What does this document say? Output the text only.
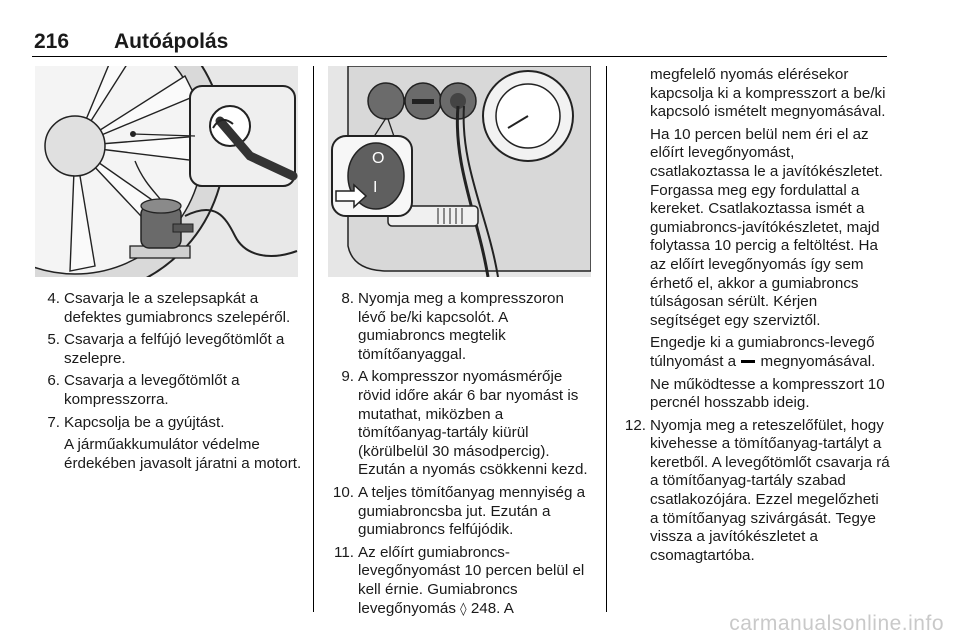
216 Autóápolás
O
I
4. Csavarja le a szelepsapkát a defektes gumiabroncs szelepéről.
5. Csavarja a felfújó levegőtömlőt a szelepre.
6. Csavarja a levegőtömlőt a kompresszorra.
7. Kapcsolja be a gyújtást.

A járműakkumulátor védelme érdekében javasolt járatni a motort.

8. Nyomja meg a kompresszoron lévő be/ki kapcsolót. A gumiabroncs megtelik tömítőanyaggal.
9. A kompresszor nyomásmérője rövid időre akár 6 bar nyomást is mutathat, miközben a tömítőanyag-tartály kiürül (körülbelül 30 másodpercig). Ezután a nyomás csökkenni kezd.
10. A teljes tömítőanyag mennyiség a gumiabroncsba jut. Ezután a gumiabroncs felfújódik.
11. Az előírt gumiabroncs-levegőnyomást 10 percen belül el kell érnie. Gumiabroncs levegőnyomás ◊ 248. A

megfelelő nyomás elérésekor kapcsolja ki a kompresszort a be/ki kapcsoló ismételt megnyomásával.

Ha 10 percen belül nem éri el az előírt levegőnyomást, csatlakoztassa le a javítókészletet. Forgassa meg egy fordulattal a kereket. Csatlakoztassa ismét a gumiabroncs-javítókészletet, majd folytassa 10 percig a feltöltést. Ha az előírt levegőnyomás így sem érhető el, akkor a gumiabroncs túlságosan sérült. Kérjen segítséget egy szerviztől.

Engedje ki a gumiabroncs-levegő túlnyomást a  megnyomásával.

Ne működtesse a kompresszort 10 percnél hosszabb ideig.

12. Nyomja meg a reteszelőfület, hogy kivehesse a tömítőanyag-tartályt a keretből. A levegőtömlőt csavarja rá a tömítőanyag-tartály szabad csatlakozójára. Ezzel megelőzheti a tömítőanyag szivárgását. Tegye vissza a javítókészletet a csomagtartóba.
carmanualsonline.info
